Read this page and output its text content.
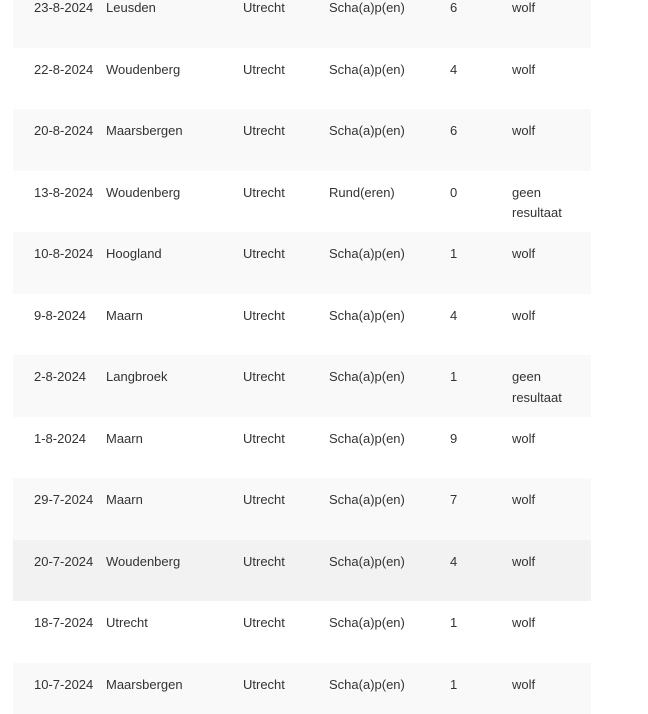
23-8-2024	Leusden	Utrecht	Scha(a)p(en)	6	wolf

22-8-2024	Woudenberg	Utrecht	Scha(a)p(en)	4	wolf

20-8-2024	Maarsbergen	Utrecht	Scha(a)p(en)	6	wolf

13-8-2024	Woudenberg	Utrecht	Rund(eren)	0	geen resultaat

10-8-2024	Hoogland	Utrecht	Scha(a)p(en)	1	wolf

9-8-2024	Maarn	Utrecht	Scha(a)p(en)	4	wolf

2-8-2024	Langbroek	Utrecht	Scha(a)p(en)	1	geen resultaat

1-8-2024	Maarn	Utrecht	Scha(a)p(en)	9	wolf

29-7-2024	Maarn	Utrecht	Scha(a)p(en)	7	wolf

20-7-2024	Woudenberg	Utrecht	Scha(a)p(en)	4	wolf

18-7-2024	Utrecht	Utrecht	Scha(a)p(en)	1	wolf

10-7-2024	Maarsbergen	Utrecht	Scha(a)p(en)	1	wolf
